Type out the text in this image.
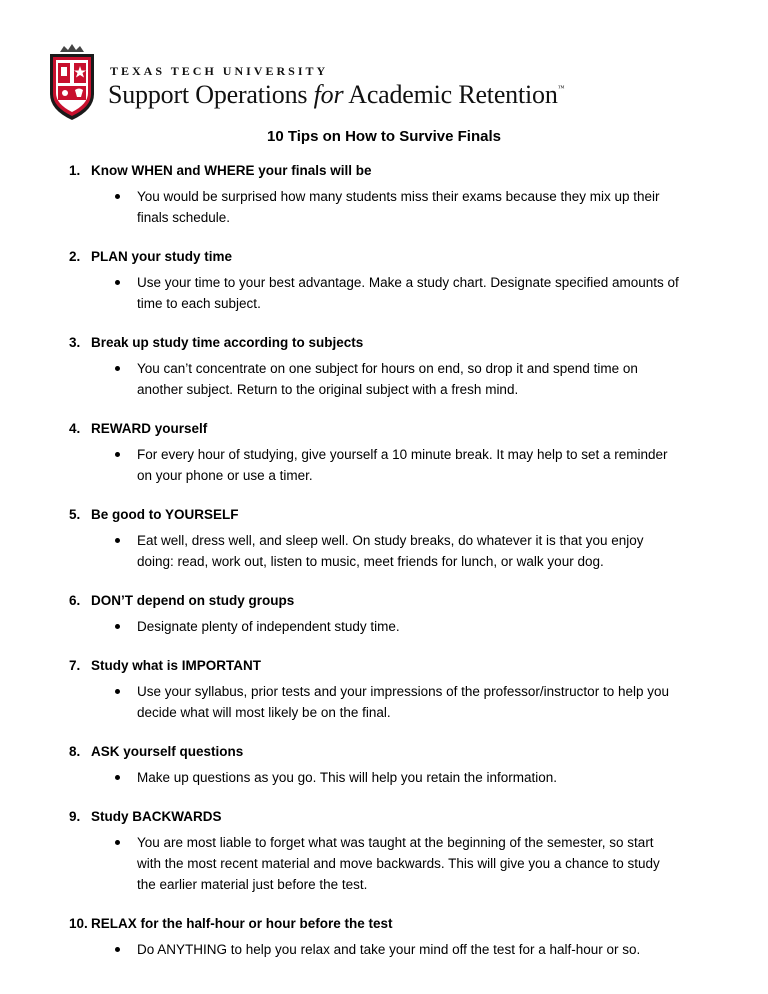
TEXAS TECH UNIVERSITY
Support Operations for Academic Retention™
10 Tips on How to Survive Finals
1. Know WHEN and WHERE your finals will be
You would be surprised how many students miss their exams because they mix up their finals schedule.
2. PLAN your study time
Use your time to your best advantage. Make a study chart. Designate specified amounts of time to each subject.
3. Break up study time according to subjects
You can’t concentrate on one subject for hours on end, so drop it and spend time on another subject. Return to the original subject with a fresh mind.
4. REWARD yourself
For every hour of studying, give yourself a 10 minute break. It may help to set a reminder on your phone or use a timer.
5. Be good to YOURSELF
Eat well, dress well, and sleep well. On study breaks, do whatever it is that you enjoy doing: read, work out, listen to music, meet friends for lunch, or walk your dog.
6. DON’T depend on study groups
Designate plenty of independent study time.
7. Study what is IMPORTANT
Use your syllabus, prior tests and your impressions of the professor/instructor to help you decide what will most likely be on the final.
8. ASK yourself questions
Make up questions as you go. This will help you retain the information.
9. Study BACKWARDS
You are most liable to forget what was taught at the beginning of the semester, so start with the most recent material and move backwards. This will give you a chance to study the earlier material just before the test.
10. RELAX for the half-hour or hour before the test
Do ANYTHING to help you relax and take your mind off the test for a half-hour or so.
